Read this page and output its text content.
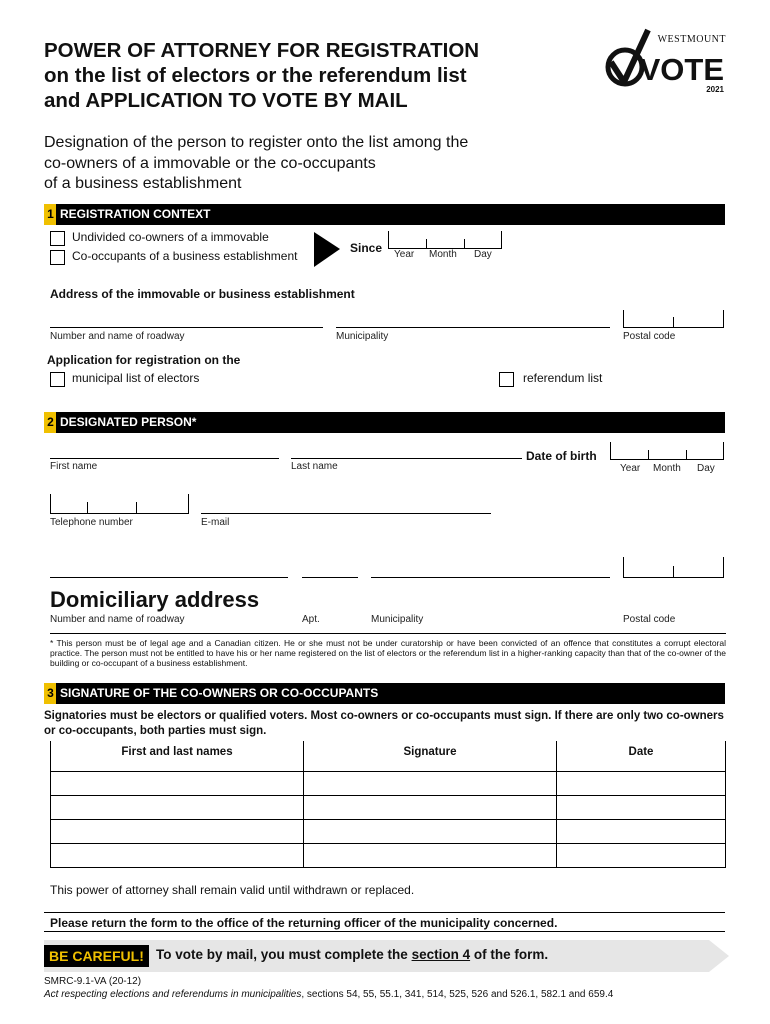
POWER OF ATTORNEY FOR REGISTRATION
on the list of electors or the referendum list
and APPLICATION TO VOTE BY MAIL
WESTMOUNT
VOTE
2021
Designation of the person to register onto the list among the
co-owners of a immovable or the co-occupants
of a business establishment
1 REGISTRATION CONTEXT
Undivided co-owners of a immovable
Co-occupants of a business establishment
Since Year Month Day
Address of the immovable or business establishment
Number and name of roadway	Municipality	Postal code
Application for registration on the
municipal list of electors	referendum list
2 DESIGNATED PERSON*
First name	Last name
Date of birth
Year Month Day
Telephone number	E-mail
Domiciliary address
Number and name of roadway	Apt.	Municipality	Postal code
* This person must be of legal age and a Canadian citizen. He or she must not be under curatorship or have been convicted of an offence that constitutes a corrupt electoral practice. The person must not be entitled to have his or her name registered on the list of electors or the referendum list in a higher-ranking capacity than that of the co-owner of the building or co-occupant of a business establishment.
3 SIGNATURE OF THE CO-OWNERS OR CO-OCCUPANTS
Signatories must be electors or qualified voters. Most co-owners or co-occupants must sign. If there are only two co-owners or co-occupants, both parties must sign.
First and last names	Signature	Date

This power of attorney shall remain valid until withdrawn or replaced.
Please return the form to the office of the returning officer of the municipality concerned.
BE CAREFUL! To vote by mail, you must complete the section 4 of the form.
SMRC-9.1-VA (20-12)
Act respecting elections and referendums in municipalities, sections 54, 55, 55.1, 341, 514, 525, 526 and 526.1, 582.1 and 659.4
